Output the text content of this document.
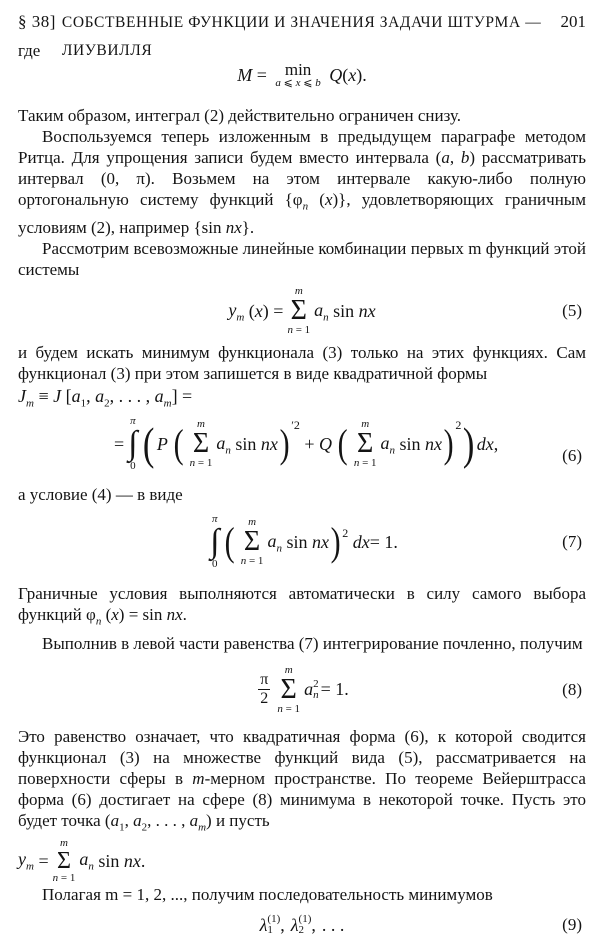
§ 38] СОБСТВЕННЫЕ ФУНКЦИИ И ЗНАЧЕНИЯ ЗАДАЧИ ШТУРМА — ЛИУВИЛЛЯ
201

где

M = min
a ⩽ x ⩽ b
Q ( x ).

Таким образом, интеграл (2) действительно ограничен снизу.

Воспользуемся теперь изложенным в предыдущем параграфе методом Ритца. Для упрощения записи будем вместо интервала (a, b) рассматривать интервал (0, π). Возьмем на этом интервале какую-либо полную ортогональную систему функций {$\varphi_n$ (x)}, удовлетворяющих граничным условиям (2), например {sin nx}.

Рассмотрим всевозможные линейные комбинации первых m функций этой системы

$y_m$ ( x ) =
m
Σ
n = 1
$a_n$ sin nx	(5)

и будем искать минимум функционала (3) только на этих функциях. Сам функционал (3) при этом запишется в виде квадратичной формы

$J_m \equiv J$ [$a_1$, $a_2$, . . . , $a_m$] =
=
π
∫
0 ( P
( m
Σ
n = 1
$a_n$ sin nx )$^{'2}$
+ Q
( m
Σ
n = 1
$a_n$ sin nx )$^2$ ) dx ,
(6)

а условие (4) — в виде

π
∫
0 ( m
Σ
n = 1
$a_n$ sin nx )$^2$
dx = 1.	(7)

Граничные условия выполняются автоматически в силу самого выбора функций $\varphi_n$ (x) = sin nx.

Выполнив в левой части равенства (7) интегрирование почленно, получим

$\frac{\pi}{2}$
m
Σ
n = 1
a 2
n = 1.	(8)

Это равенство означает, что квадратичная форма (6), к которой сводится функционал (3) на множестве функций вида (5), рассматривается на поверхности сферы в m-мерном пространстве. По теореме Вейерштрасса форма (6) достигает на сфере (8) минимума в некоторой точке. Пусть это будет точка ($a_1$, $a_2$, . . . , $a_m$) и пусть

$y_m$ =
m
Σ
n = 1
$a_n$ sin nx .

Полагая m = 1, 2, ..., получим последовательность минимумов

λ (1)
1 , λ (1)
2 ,
. . .	(9)
